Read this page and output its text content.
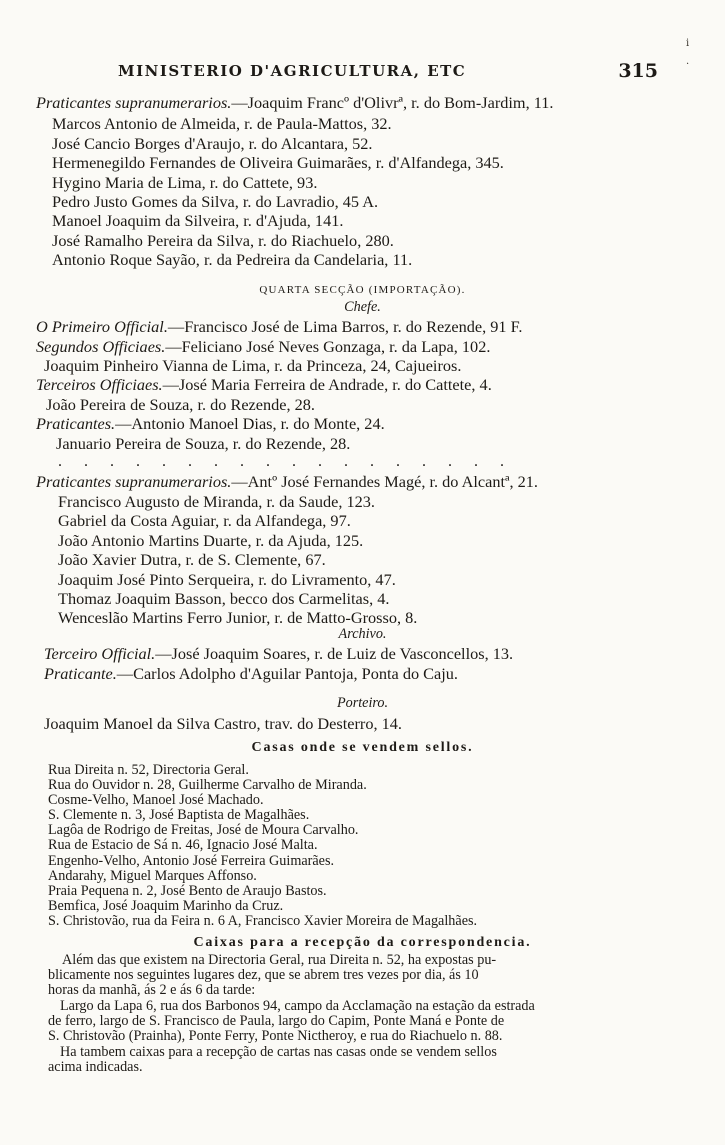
i
.
MINISTERIO D'AGRICULTURA, ETC	315
Praticantes supranumerarios.—Joaquim Francº d'Olivrª, r. do Bom-Jardim, 11.
Marcos Antonio de Almeida, r. de Paula-Mattos, 32.
José Cancio Borges d'Araujo, r. do Alcantara, 52.
Hermenegildo Fernandes de Oliveira Guimarães, r. d'Alfandega, 345.
Hygino Maria de Lima, r. do Cattete, 93.
Pedro Justo Gomes da Silva, r. do Lavradio, 45 A.
Manoel Joaquim da Silveira, r. d'Ajuda, 141.
José Ramalho Pereira da Silva, r. do Riachuelo, 280.
Antonio Roque Sayão, r. da Pedreira da Candelaria, 11.
QUARTA SECÇÃO (IMPORTAÇÃO).
Chefe.
O Primeiro Official.—Francisco José de Lima Barros, r. do Rezende, 91 F.
Segundos Officiaes.—Feliciano José Neves Gonzaga, r. da Lapa, 102.
Joaquim Pinheiro Vianna de Lima, r. da Princeza, 24, Cajueiros.
Terceiros Officiaes.—José Maria Ferreira de Andrade, r. do Cattete, 4.
João Pereira de Souza, r. do Rezende, 28.
Praticantes.—Antonio Manoel Dias, r. do Monte, 24.
Januario Pereira de Souza, r. do Rezende, 28.
. . . . . . . . . . . . . . . . . .
Praticantes supranumerarios.—Antº José Fernandes Magé, r. do Alcantª, 21.
Francisco Augusto de Miranda, r. da Saude, 123.
Gabriel da Costa Aguiar, r. da Alfandega, 97.
João Antonio Martins Duarte, r. da Ajuda, 125.
João Xavier Dutra, r. de S. Clemente, 67.
Joaquim José Pinto Serqueira, r. do Livramento, 47.
Thomaz Joaquim Basson, becco dos Carmelitas, 4.
Wenceslão Martins Ferro Junior, r. de Matto-Grosso, 8.
Archivo.
Terceiro Official.—José Joaquim Soares, r. de Luiz de Vasconcellos, 13.
Praticante.—Carlos Adolpho d'Aguilar Pantoja, Ponta do Caju.
Porteiro.
Joaquim Manoel da Silva Castro, trav. do Desterro, 14.
Casas onde se vendem sellos.
Rua Direita n. 52, Directoria Geral.
Rua do Ouvidor n. 28, Guilherme Carvalho de Miranda.
Cosme-Velho, Manoel José Machado.
S. Clemente n. 3, José Baptista de Magalhães.
Lagôa de Rodrigo de Freitas, José de Moura Carvalho.
Rua de Estacio de Sá n. 46, Ignacio José Malta.
Engenho-Velho, Antonio José Ferreira Guimarães.
Andarahy, Miguel Marques Affonso.
Praia Pequena n. 2, José Bento de Araujo Bastos.
Bemfica, José Joaquim Marinho da Cruz.
S. Christovão, rua da Feira n. 6 A, Francisco Xavier Moreira de Magalhães.
Caixas para a recepção da correspondencia.
Além das que existem na Directoria Geral, rua Direita n. 52, ha expostas pu-
blicamente nos seguintes lugares dez, que se abrem tres vezes por dia, ás 10
horas da manhã, ás 2 e ás 6 da tarde:
Largo da Lapa 6, rua dos Barbonos 94, campo da Acclamação na estação da estrada
de ferro, largo de S. Francisco de Paula, largo do Capim, Ponte Maná e Ponte de
S. Christovão (Prainha), Ponte Ferry, Ponte Nictheroy, e rua do Riachuelo n. 88.
Ha tambem caixas para a recepção de cartas nas casas onde se vendem sellos
acima indicadas.
